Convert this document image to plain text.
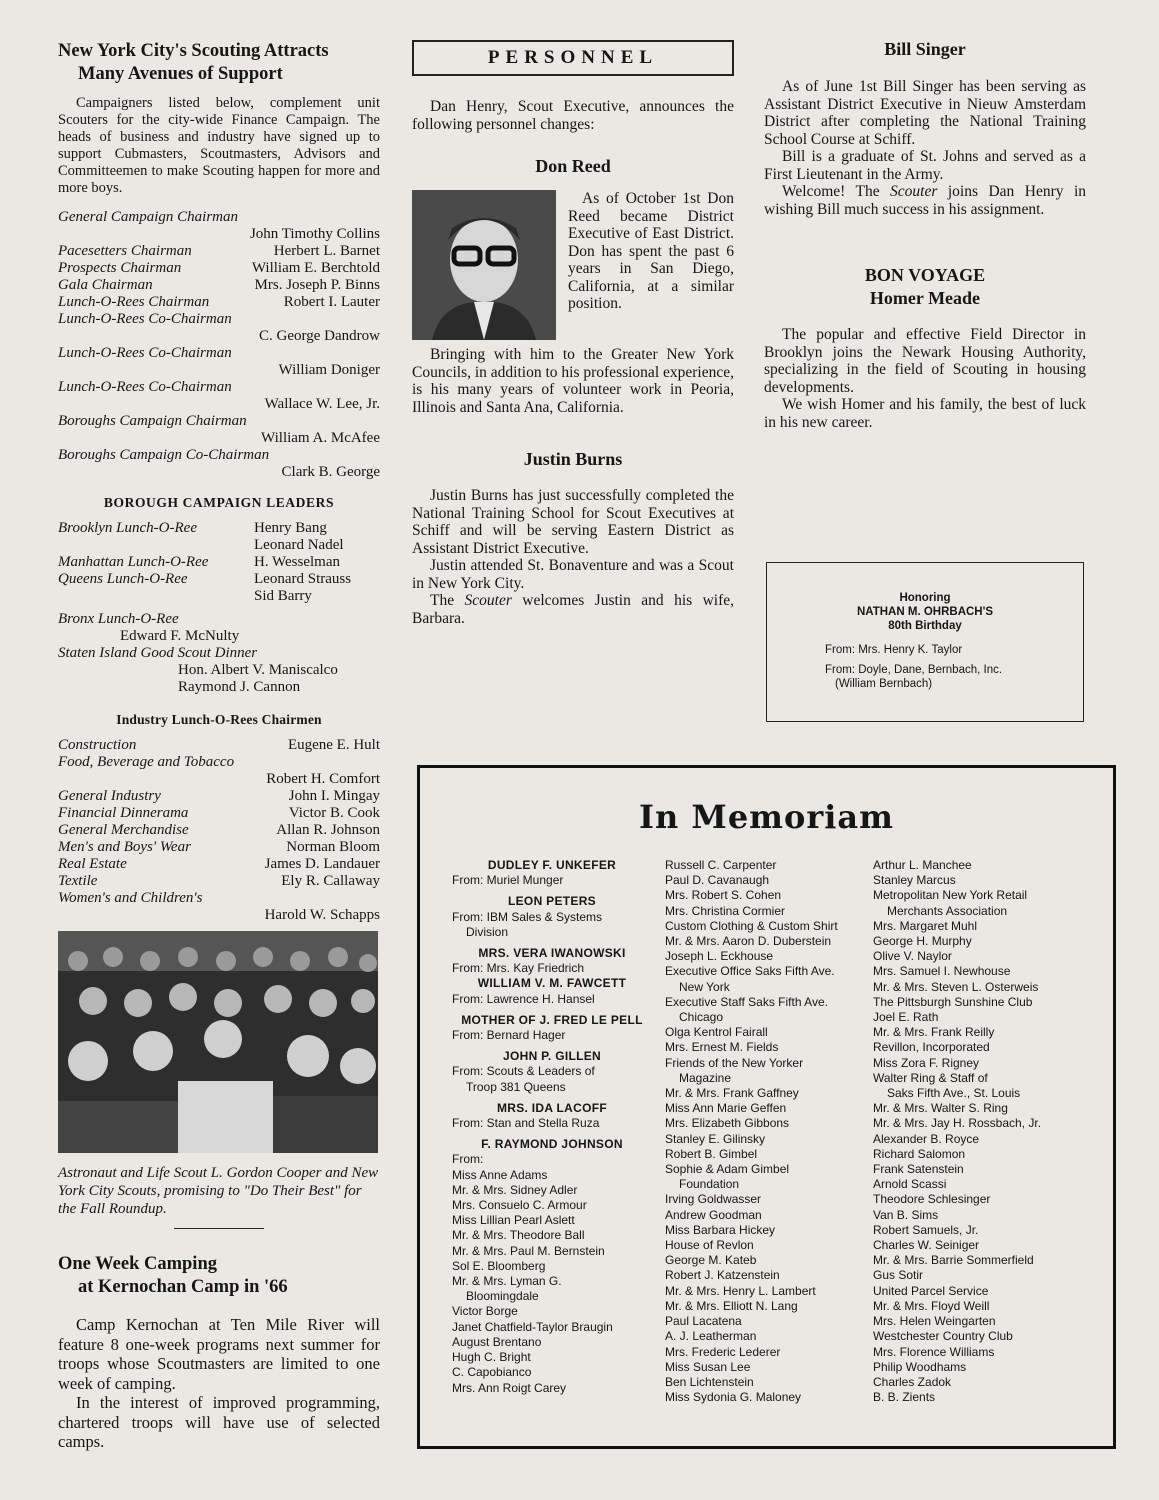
New York City's Scouting Attracts
Many Avenues of Support

Campaigners listed below, complement unit Scouters for the city-wide Finance Campaign. The heads of business and industry have signed up to support Cubmasters, Scoutmasters, Advisors and Committeemen to make Scouting happen for more and more boys.

General Campaign Chairman
John Timothy Collins
Pacesetters Chairman	Herbert L. Barnet
Prospects Chairman	William E. Berchtold
Gala Chairman	Mrs. Joseph P. Binns
Lunch-O-Rees Chairman	Robert I. Lauter
Lunch-O-Rees Co-Chairman
C. George Dandrow
Lunch-O-Rees Co-Chairman
William Doniger
Lunch-O-Rees Co-Chairman
Wallace W. Lee, Jr.
Boroughs Campaign Chairman
William A. McAfee
Boroughs Campaign Co-Chairman
Clark B. George
BOROUGH CAMPAIGN LEADERS
Brooklyn Lunch-O-Ree	Henry Bang
Leonard Nadel
Manhattan Lunch-O-Ree	H. Wesselman
Queens Lunch-O-Ree	Leonard Strauss
Sid Barry
Bronx Lunch-O-Ree
Edward F. McNulty
Staten Island Good Scout Dinner
Hon. Albert V. Maniscalco
Raymond J. Cannon
Industry Lunch-O-Rees Chairmen
Construction	Eugene E. Hult
Food, Beverage and Tobacco
Robert H. Comfort
General Industry	John I. Mingay
Financial Dinnerama	Victor B. Cook
General Merchandise	Allan R. Johnson
Men's and Boys' Wear	Norman Bloom
Real Estate	James D. Landauer
Textile	Ely R. Callaway
Women's and Children's
Harold W. Schapps
Astronaut and Life Scout L. Gordon Cooper and New York City Scouts, promising to "Do Their Best" for the Fall Roundup.
One Week Camping
at Kernochan Camp in '66

Camp Kernochan at Ten Mile River will feature 8 one-week programs next summer for troops whose Scoutmasters are limited to one week of camping.

In the interest of improved programming, chartered troops will have use of selected camps.

PERSONNEL

Dan Henry, Scout Executive, announces the following personnel changes:

Don Reed

As of October 1st Don Reed became District Executive of East District. Don has spent the past 6 years in San Diego, California, at a similar position.

Bringing with him to the Greater New York Councils, in addition to his professional experience, is his many years of volunteer work in Peoria, Illinois and Santa Ana, California.

Justin Burns

Justin Burns has just successfully completed the National Training School for Scout Executives at Schiff and will be serving Eastern District as Assistant District Executive.

Justin attended St. Bonaventure and was a Scout in New York City.

The Scouter welcomes Justin and his wife, Barbara.

Bill Singer

As of June 1st Bill Singer has been serving as Assistant District Executive in Nieuw Amsterdam District after completing the National Training School Course at Schiff.

Bill is a graduate of St. Johns and served as a First Lieutenant in the Army.

Welcome! The Scouter joins Dan Henry in wishing Bill much success in his assignment.

BON VOYAGE
Homer Meade

The popular and effective Field Director in Brooklyn joins the Newark Housing Authority, specializing in the field of Scouting in housing developments.

We wish Homer and his family, the best of luck in his new career.

Honoring
NATHAN M. OHRBACH'S
80th Birthday
From: Mrs. Henry K. Taylor
From: Doyle, Dane, Bernbach, Inc.
(William Bernbach)
In Memoriam
DUDLEY F. UNKEFER
From: Muriel Munger
LEON PETERS
From: IBM Sales & Systems
Division
MRS. VERA IWANOWSKI
From: Mrs. Kay Friedrich
WILLIAM V. M. FAWCETT
From: Lawrence H. Hansel
MOTHER OF J. FRED LE PELL
From: Bernard Hager
JOHN P. GILLEN
From: Scouts & Leaders of
Troop 381 Queens
MRS. IDA LACOFF
From: Stan and Stella Ruza
F. RAYMOND JOHNSON
From:
Miss Anne Adams
Mr. & Mrs. Sidney Adler
Mrs. Consuelo C. Armour
Miss Lillian Pearl Aslett
Mr. & Mrs. Theodore Ball
Mr. & Mrs. Paul M. Bernstein
Sol E. Bloomberg
Mr. & Mrs. Lyman G.
Bloomingdale
Victor Borge
Janet Chatfield-Taylor Braugin
August Brentano
Hugh C. Bright
C. Capobianco
Mrs. Ann Roigt Carey
Russell C. Carpenter
Paul D. Cavanaugh
Mrs. Robert S. Cohen
Mrs. Christina Cormier
Custom Clothing & Custom Shirt
Mr. & Mrs. Aaron D. Duberstein
Joseph L. Eckhouse
Executive Office Saks Fifth Ave.
New York
Executive Staff Saks Fifth Ave.
Chicago
Olga Kentrol Fairall
Mrs. Ernest M. Fields
Friends of the New Yorker
Magazine
Mr. & Mrs. Frank Gaffney
Miss Ann Marie Geffen
Mrs. Elizabeth Gibbons
Stanley E. Gilinsky
Robert B. Gimbel
Sophie & Adam Gimbel
Foundation
Irving Goldwasser
Andrew Goodman
Miss Barbara Hickey
House of Revlon
George M. Kateb
Robert J. Katzenstein
Mr. & Mrs. Henry L. Lambert
Mr. & Mrs. Elliott N. Lang
Paul Lacatena
A. J. Leatherman
Mrs. Frederic Lederer
Miss Susan Lee
Ben Lichtenstein
Miss Sydonia G. Maloney
Arthur L. Manchee
Stanley Marcus
Metropolitan New York Retail
Merchants Association
Mrs. Margaret Muhl
George H. Murphy
Olive V. Naylor
Mrs. Samuel I. Newhouse
Mr. & Mrs. Steven L. Osterweis
The Pittsburgh Sunshine Club
Joel E. Rath
Mr. & Mrs. Frank Reilly
Revillon, Incorporated
Miss Zora F. Rigney
Walter Ring & Staff of
Saks Fifth Ave., St. Louis
Mr. & Mrs. Walter S. Ring
Mr. & Mrs. Jay H. Rossbach, Jr.
Alexander B. Royce
Richard Salomon
Frank Satenstein
Arnold Scassi
Theodore Schlesinger
Van B. Sims
Robert Samuels, Jr.
Charles W. Seiniger
Mr. & Mrs. Barrie Sommerfield
Gus Sotir
United Parcel Service
Mr. & Mrs. Floyd Weill
Mrs. Helen Weingarten
Westchester Country Club
Mrs. Florence Williams
Philip Woodhams
Charles Zadok
B. B. Zients
